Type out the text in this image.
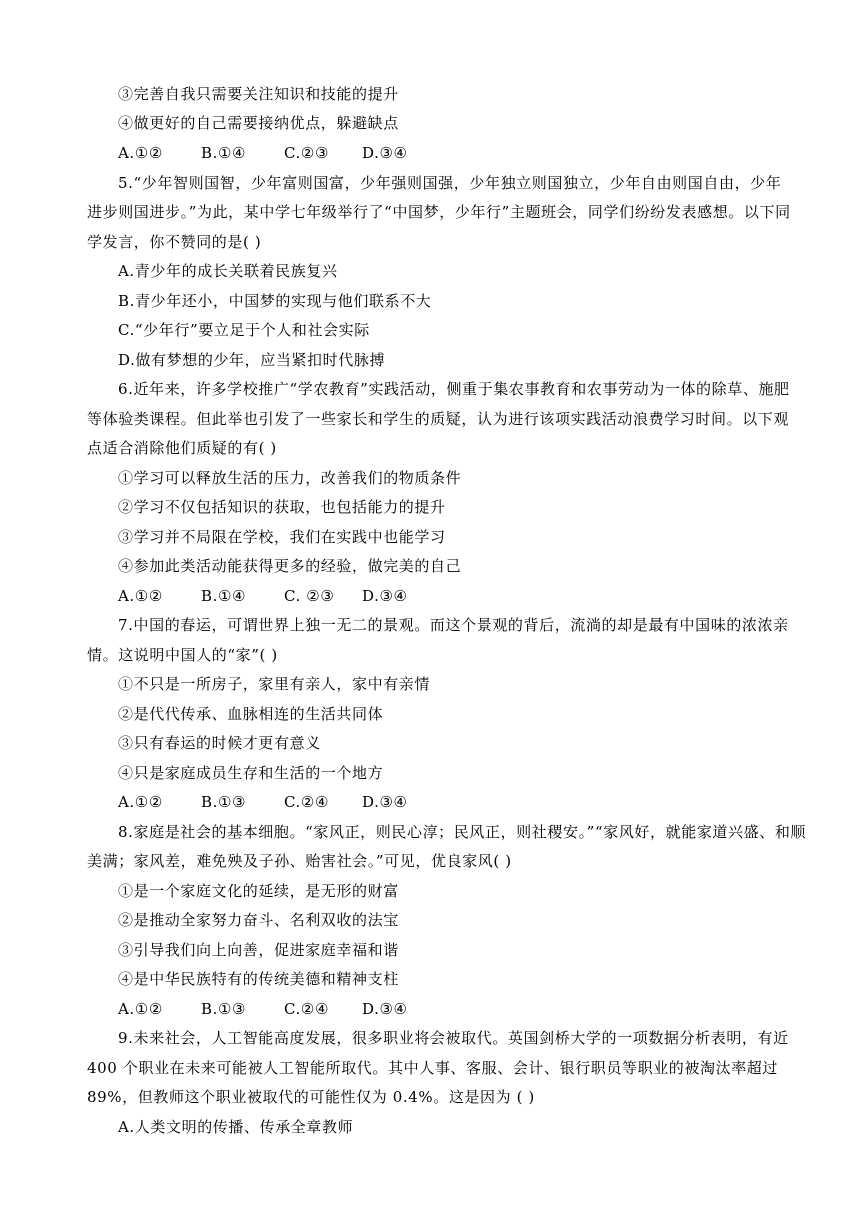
③完善自我只需要关注知识和技能的提升
④做更好的自己需要接纳优点，躲避缺点
A.①②	B.①④	C.②③	D.③④
5.“少年智则国智，少年富则国富，少年强则国强，少年独立则国独立，少年自由则国自由，少年
进步则国进步。”为此，某中学七年级举行了“中国梦，少年行”主题班会，同学们纷纷发表感想。以下同
学发言，你不赞同的是( )
A.青少年的成长关联着民族复兴
B.青少年还小，中国梦的实现与他们联系不大
C.“少年行”要立足于个人和社会实际
D.做有梦想的少年，应当紧扣时代脉搏
6.近年来，许多学校推广“学农教育”实践活动，侧重于集农事教育和农事劳动为一体的除草、施肥
等体验类课程。但此举也引发了一些家长和学生的质疑，认为进行该项实践活动浪费学习时间。以下观
点适合消除他们质疑的有( )
①学习可以释放生活的压力，改善我们的物质条件
②学习不仅包括知识的获取，也包括能力的提升
③学习并不局限在学校，我们在实践中也能学习
④参加此类活动能获得更多的经验，做完美的自己
A.①②	B.①④	C. ②③	D.③④
7.中国的春运，可谓世界上独一无二的景观。而这个景观的背后，流淌的却是最有中国味的浓浓亲
情。这说明中国人的“家”( )
①不只是一所房子，家里有亲人，家中有亲情
②是代代传承、血脉相连的生活共同体
③只有春运的时候才更有意义
④只是家庭成员生存和生活的一个地方
A.①②	B.①③	C.②④	D.③④
8.家庭是社会的基本细胞。“家风正，则民心淳；民风正，则社稷安。”“家风好，就能家道兴盛、和顺
美满；家风差，难免殃及子孙、贻害社会。”可见，优良家风( )
①是一个家庭文化的延续，是无形的财富
②是推动全家努力奋斗、名利双收的法宝
③引导我们向上向善，促进家庭幸福和谐
④是中华民族特有的传统美德和精神支柱
A.①②	B.①③	C.②④	D.③④
9.未来社会，人工智能高度发展，很多职业将会被取代。英国剑桥大学的一项数据分析表明，有近
400 个职业在未来可能被人工智能所取代。其中人事、客服、会计、银行职员等职业的被淘汰率超过
89%，但教师这个职业被取代的可能性仅为 0.4%。这是因为 ( )
A.人类文明的传播、传承全章教师
